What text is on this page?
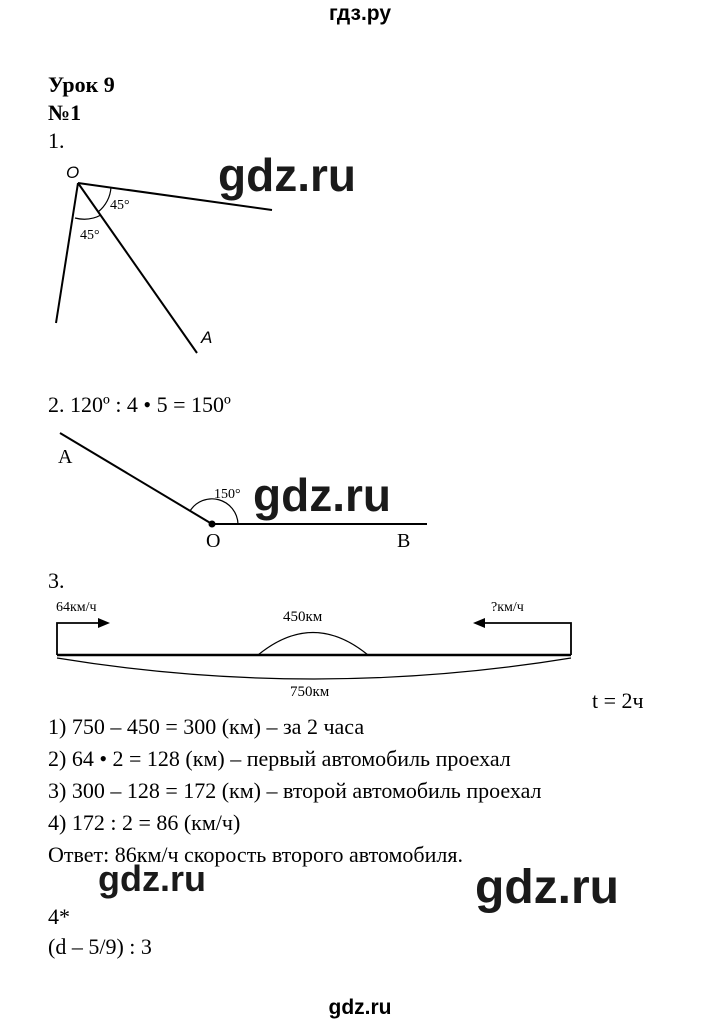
гдз.ру
Урок 9
№1
1.
O
A
45°
45°
gdz.ru
2. 120º : 4 • 5 = 150º
A
O	B
150° gdz.ru
3.
64км/ч	?км/ч
450км
750км	t = 2ч
1) 750 – 450 = 300 (км) – за 2 часа
2) 64 • 2 = 128 (км) – первый автомобиль проехал
3) 300 – 128 = 172 (км) – второй автомобиль проехал
4) 172 : 2 = 86 (км/ч)
Ответ: 86км/ч скорость второго автомобиля.
gdz.ru	gdz.ru
4*
(d – 5/9) : 3
gdz.ru
